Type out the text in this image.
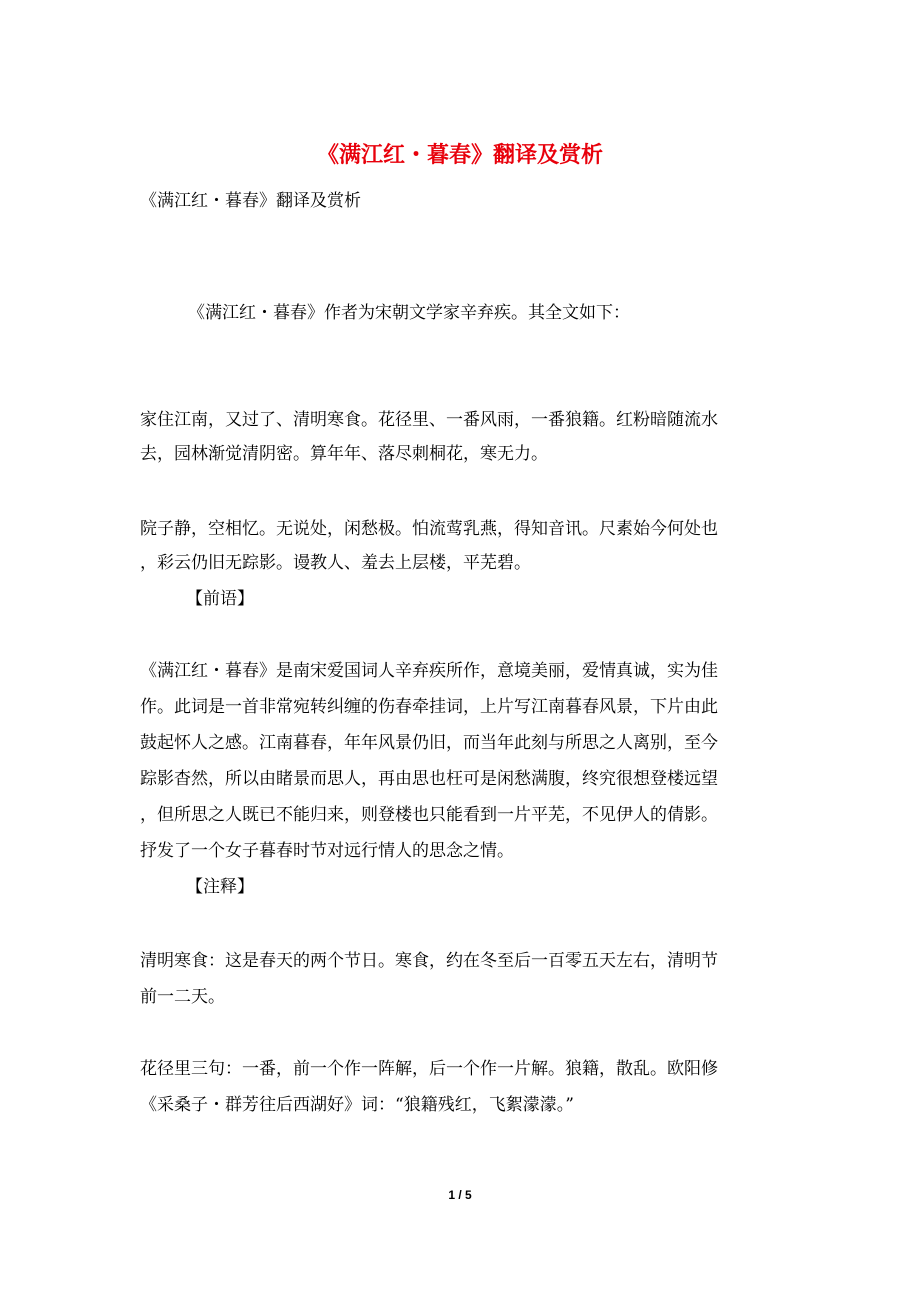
《满江红・暮春》翻译及赏析
《满江红・暮春》翻译及赏析
《满江红・暮春》作者为宋朝文学家辛弃疾。其全文如下：
家住江南，又过了、清明寒食。花径里、一番风雨，一番狼籍。红粉暗随流水
去，园林渐觉清阴密。算年年、落尽刺桐花，寒无力。
院子静，空相忆。无说处，闲愁极。怕流莺乳燕，得知音讯。尺素始今何处也
，彩云仍旧无踪影。谩教人、羞去上层楼，平芜碧。
【前语】
《满江红・暮春》是南宋爱国词人辛弃疾所作，意境美丽，爱情真诚，实为佳
作。此词是一首非常宛转纠缠的伤春牵挂词，上片写江南暮春风景，下片由此
鼓起怀人之感。江南暮春，年年风景仍旧，而当年此刻与所思之人离别，至今
踪影杳然，所以由睹景而思人，再由思也枉可是闲愁满腹，终究很想登楼远望
，但所思之人既已不能归来，则登楼也只能看到一片平芜，不见伊人的倩影。
抒发了一个女子暮春时节对远行情人的思念之情。
【注释】
清明寒食：这是春天的两个节日。寒食，约在冬至后一百零五天左右，清明节
前一二天。
花径里三句：一番，前一个作一阵解，后一个作一片解。狼籍，散乱。欧阳修
《采桑子・群芳往后西湖好》词：“狼籍残红，飞絮濛濛。”
1 / 5
